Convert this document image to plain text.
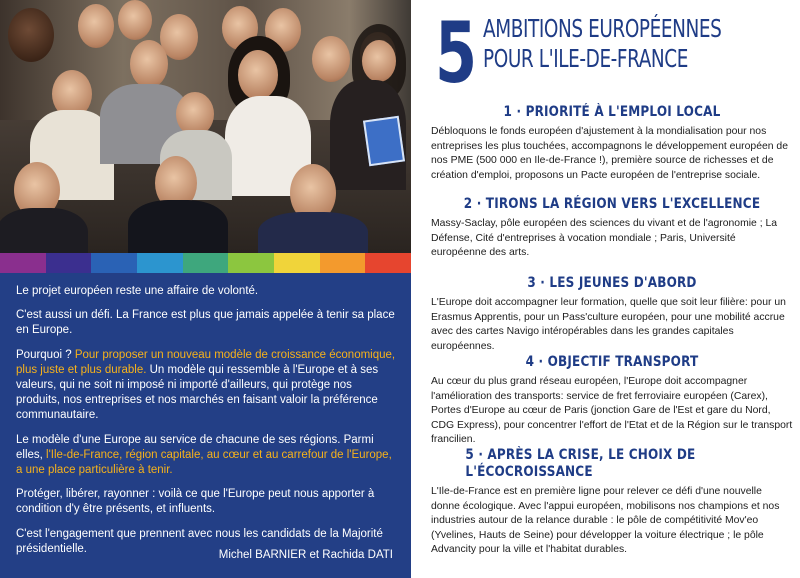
Le projet européen reste une affaire de volonté.

C'est aussi un défi. La France est plus que jamais appelée à tenir sa place en Europe.

Pourquoi ? Pour proposer un nouveau modèle de croissance économique, plus juste et plus durable. Un modèle qui ressemble à l'Europe et à ses valeurs, qui ne soit ni imposé ni importé d'ailleurs, qui protège nos produits, nos entreprises et nos marchés en faisant valoir la préférence communautaire.

Le modèle d'une Europe au service de chacune de ses régions. Parmi elles, l'Ile-de-France, région capitale, au cœur et au carrefour de l'Europe, a une place particulière à tenir.

Protéger, libérer, rayonner : voilà ce que l'Europe peut nous apporter à condition d'y être présents, et influents.

C'est l'engagement que prennent avec nous les candidats de la Majorité présidentielle.

Michel BARNIER et Rachida DATI
5 AMBITIONS EUROPÉENNES
POUR L'ILE-DE-FRANCE
1 · PRIORITÉ À L'EMPLOI LOCAL

Débloquons le fonds européen d'ajustement à la mondialisation pour nos entreprises les plus touchées, accompagnons le développement européen de nos PME (500 000 en Ile-de-France !), première source de richesses et de création d'emploi, proposons un Pacte européen de l'entreprise sociale.

2 · TIRONS LA RÉGION VERS L'EXCELLENCE

Massy-Saclay, pôle européen des sciences du vivant et de l'agronomie ; La Défense, Cité d'entreprises à vocation mondiale ; Paris, Université européenne des arts.

3 · LES JEUNES D'ABORD

L'Europe doit accompagner leur formation, quelle que soit leur filière: pour un Erasmus Apprentis, pour un Pass'culture européen, pour une mobilité accrue avec des cartes Navigo intéropérables dans les grandes capitales européennes.

4 · OBJECTIF TRANSPORT

Au cœur du plus grand réseau européen, l'Europe doit accompagner l'amélioration des transports: service de fret ferroviaire européen (Carex), Portes d'Europe au cœur de Paris (jonction Gare de l'Est et gare du Nord, CDG Express), pour concentrer l'effort de l'Etat et de la Région sur le transport francilien.

5 · APRÈS LA CRISE, LE CHOIX DE
L'ÉCOCROISSANCE

L'Ile-de-France est en première ligne pour relever ce défi d'une nouvelle donne écologique. Avec l'appui européen, mobilisons nos champions et nos industries autour de la relance durable : le pôle de compétitivité Mov'eo (Yvelines, Hauts de Seine) pour développer la voiture électrique ; le pôle Advancity pour la ville et l'habitat durables.
